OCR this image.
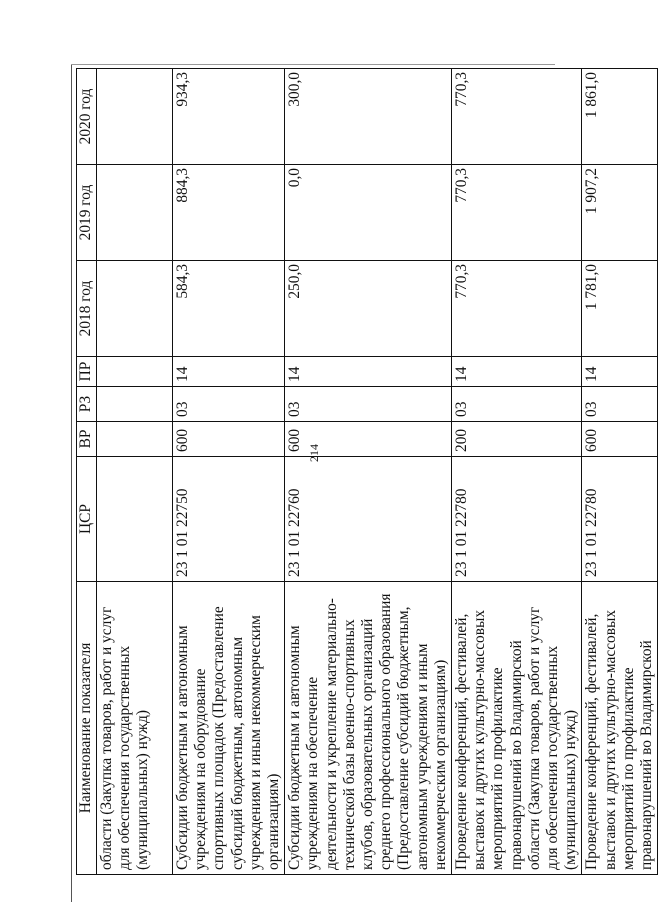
214
Наименование показателя	ЦСР	ВР	РЗ	ПР	2018 год	2019 год	2020 год
области (Закупка товаров, работ и услуг для обеспечения государственных (муниципальных) нужд)							
Субсидии бюджетным и автономным учреждениям на оборудование спортивных площадок (Предоставление субсидий бюджетным, автономным учреждениям и иным некоммерческим организациям)	23 1 01 22750	600	03	14	584,3	884,3	934,3
Субсидии бюджетным и автономным учреждениям на обеспечение деятельности и укрепление материально-технической базы военно-спортивных клубов, образовательных организаций среднего профессионального образования (Предоставление субсидий бюджетным, автономным учреждениям и иным некоммерческим организациям)	23 1 01 22760	600	03	14	250,0	0,0	300,0
Проведение конференций, фестивалей, выставок и других культурно-массовых мероприятий по профилактике правонарушений во Владимирской области (Закупка товаров, работ и услуг для обеспечения государственных (муниципальных) нужд)	23 1 01 22780	200	03	14	770,3	770,3	770,3
Проведение конференций, фестивалей, выставок и других культурно-массовых мероприятий по профилактике правонарушений во Владимирской	23 1 01 22780	600	03	14	1 781,0	1 907,2	1 861,0
